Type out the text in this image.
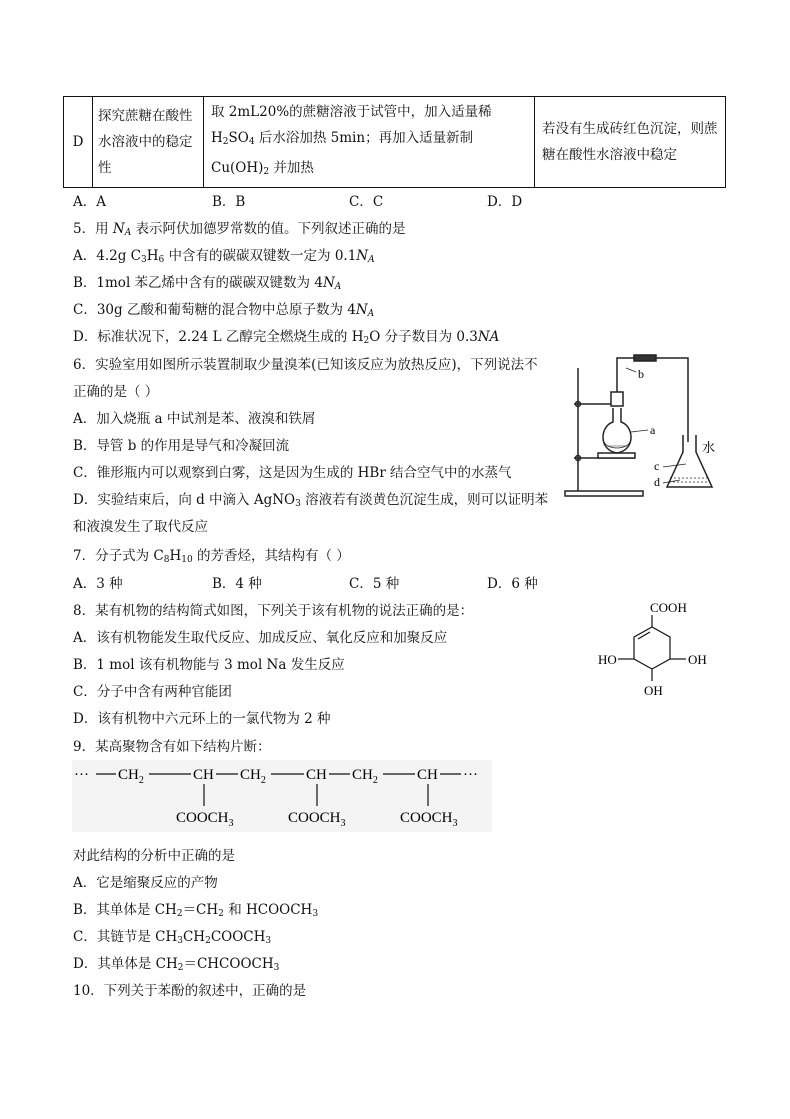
D	探究蔗糖在酸性水溶液中的稳定性	取 2mL20%的蔗糖溶液于试管中，加入适量稀 $H_2SO_4$ 后水浴加热 5min；再加入适量新制 $Cu(OH)_2$ 并加热	若没有生成砖红色沉淀，则蔗糖在酸性水溶液中稳定
A．A	B．B	C．C	D．D
5．用 $N_A$ 表示阿伏加德罗常数的值。下列叙述正确的是
A．4.2g $C_3H_6$ 中含有的碳碳双键数一定为 $0.1N_A$
B．1mol 苯乙烯中含有的碳碳双键数为 $4N_A$
C．30g 乙酸和葡萄糖的混合物中总原子数为 $4N_A$
D．标准状况下，2.24 L 乙醇完全燃烧生成的 $H_2O$ 分子数目为 0.3NA
6．实验室用如图所示装置制取少量溴苯(已知该反应为放热反应)，下列说法不
正确的是（ ）
A．加入烧瓶 a 中试剂是苯、液溴和铁屑
B．导管 b 的作用是导气和冷凝回流
C．锥形瓶内可以观察到白雾，这是因为生成的 HBr 结合空气中的水蒸气
D．实验结束后，向 d 中滴入 AgNO$_3$ 溶液若有淡黄色沉淀生成，则可以证明苯
和液溴发生了取代反应
b
a
水
c
d
7．分子式为 $C_8H_{10}$ 的芳香烃，其结构有（ ）
A．3 种	B．4 种	C．5 种	D．6 种
8．某有机物的结构简式如图，下列关于该有机物的说法正确的是：
A．该有机物能发生取代反应、加成反应、氧化反应和加聚反应
B．1 mol 该有机物能与 3 mol Na 发生反应
C．分子中含有两种官能团
D．该有机物中六元环上的一氯代物为 2 种
COOH
HO	OH
OH
9．某高聚物含有如下结构片断：
···	···
$CH_2$	CH $CH_2$	CH $CH_2$	CH
$COOCH_3$	$COOCH_3$	$COOCH_3$
对此结构的分析中正确的是
A．它是缩聚反应的产物
B．其单体是 $CH_2=CH_2$ 和 $HCOOCH_3$
C．其链节是 $CH_3CH_2COOCH_3$
D．其单体是 $CH_2=CHCOOCH_3$
10．下列关于苯酚的叙述中，正确的是
